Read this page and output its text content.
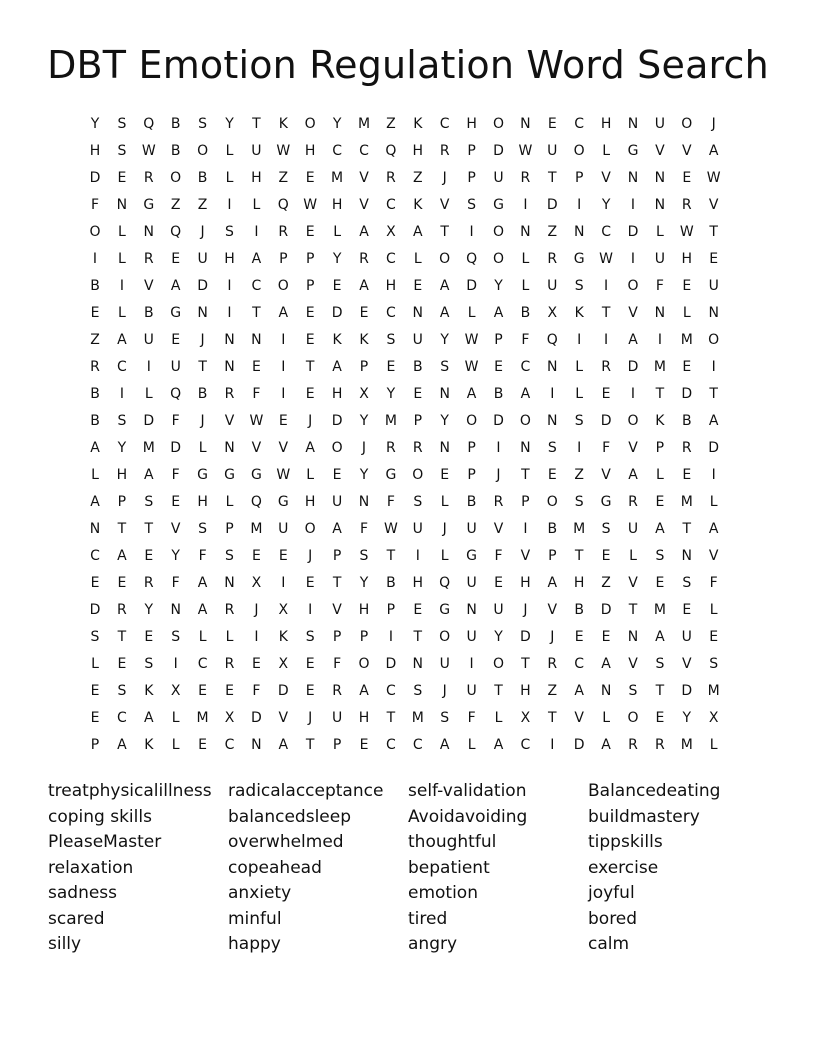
DBT Emotion Regulation Word Search
Y	S	Q	B	S	Y	T	K	O	Y	M	Z	K	C	H	O	N	E	C	H	N	U	O	J
H	S	W	B	O	L	U	W	H	C	C	Q	H	R	P	D	W	U	O	L	G	V	V	A
D	E	R	O	B	L	H	Z	E	M	V	R	Z	J	P	U	R	T	P	V	N	N	E	W
F	N	G	Z	Z	I	L	Q	W	H	V	C	K	V	S	G	I	D	I	Y	I	N	R	V
O	L	N	Q	J	S	I	R	E	L	A	X	A	T	I	O	N	Z	N	C	D	L	W	T
I	L	R	E	U	H	A	P	P	Y	R	C	L	O	Q	O	L	R	G	W	I	U	H	E
B	I	V	A	D	I	C	O	P	E	A	H	E	A	D	Y	L	U	S	I	O	F	E	U
E	L	B	G	N	I	T	A	E	D	E	C	N	A	L	A	B	X	K	T	V	N	L	N
Z	A	U	E	J	N	N	I	E	K	K	S	U	Y	W	P	F	Q	I	I	A	I	M	O
R	C	I	U	T	N	E	I	T	A	P	E	B	S	W	E	C	N	L	R	D	M	E	I
B	I	L	Q	B	R	F	I	E	H	X	Y	E	N	A	B	A	I	L	E	I	T	D	T
B	S	D	F	J	V	W	E	J	D	Y	M	P	Y	O	D	O	N	S	D	O	K	B	A
A	Y	M	D	L	N	V	V	A	O	J	R	R	N	P	I	N	S	I	F	V	P	R	D
L	H	A	F	G	G	G	W	L	E	Y	G	O	E	P	J	T	E	Z	V	A	L	E	I
A	P	S	E	H	L	Q	G	H	U	N	F	S	L	B	R	P	O	S	G	R	E	M	L
N	T	T	V	S	P	M	U	O	A	F	W	U	J	U	V	I	B	M	S	U	A	T	A
C	A	E	Y	F	S	E	E	J	P	S	T	I	L	G	F	V	P	T	E	L	S	N	V
E	E	R	F	A	N	X	I	E	T	Y	B	H	Q	U	E	H	A	H	Z	V	E	S	F
D	R	Y	N	A	R	J	X	I	V	H	P	E	G	N	U	J	V	B	D	T	M	E	L
S	T	E	S	L	L	I	K	S	P	P	I	T	O	U	Y	D	J	E	E	N	A	U	E
L	E	S	I	C	R	E	X	E	F	O	D	N	U	I	O	T	R	C	A	V	S	V	S
E	S	K	X	E	E	F	D	E	R	A	C	S	J	U	T	H	Z	A	N	S	T	D	M
E	C	A	L	M	X	D	V	J	U	H	T	M	S	F	L	X	T	V	L	O	E	Y	X
P	A	K	L	E	C	N	A	T	P	E	C	C	A	L	A	C	I	D	A	R	R	M	L
treatphysicalillness
coping skills
PleaseMaster
relaxation
sadness
scared
silly
radicalacceptance
balancedsleep
overwhelmed
copeahead
anxiety
minful
happy
self-validation
Avoidavoiding
thoughtful
bepatient
emotion
tired
angry
Balancedeating
buildmastery
tippskills
exercise
joyful
bored
calm
